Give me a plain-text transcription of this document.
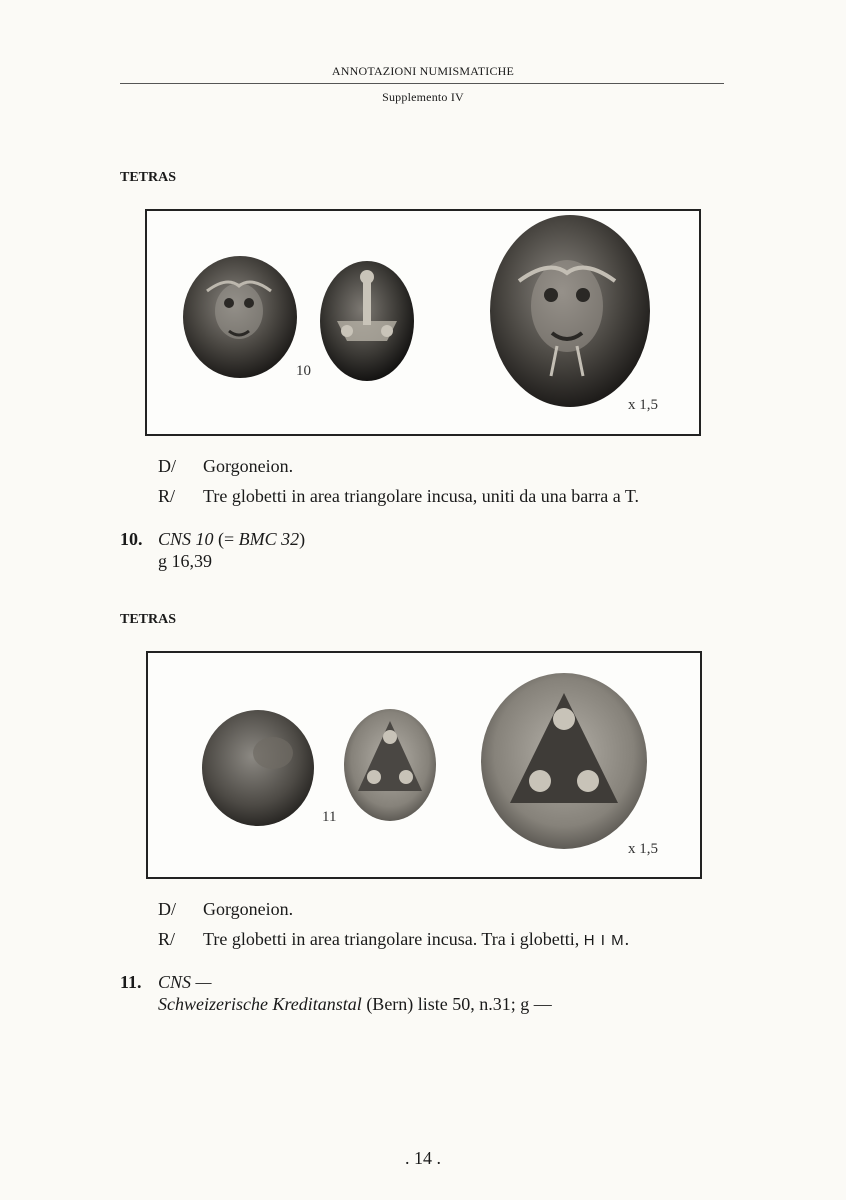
ANNOTAZIONI NUMISMATICHE
Supplemento IV
TETRAS
10
x 1,5
D/ Gorgoneion.
R/ Tre globetti in area triangolare incusa, uniti da una barra a T.
10. CNS 10 (= BMC 32)
g 16,39
TETRAS
11
x 1,5
D/ Gorgoneion.
R/ Tre globetti in area triangolare incusa. Tra i globetti, H I M.
11. CNS —
Schweizerische Kreditanstal (Bern) liste 50, n.31; g —
. 14 .
